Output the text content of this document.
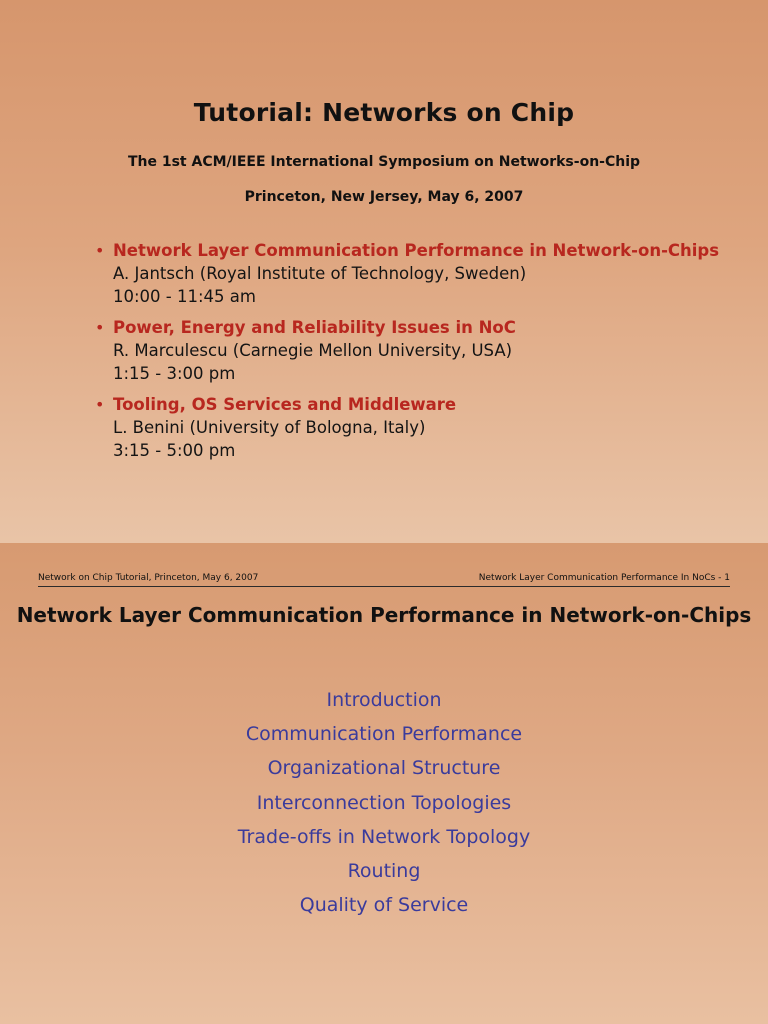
Tutorial: Networks on Chip
The 1st ACM/IEEE International Symposium on Networks-on-Chip
Princeton, New Jersey, May 6, 2007
• Network Layer Communication Performance in Network-on-Chips
A. Jantsch (Royal Institute of Technology, Sweden)
10:00 - 11:45 am
• Power, Energy and Reliability Issues in NoC
R. Marculescu (Carnegie Mellon University, USA)
1:15 - 3:00 pm
• Tooling, OS Services and Middleware
L. Benini (University of Bologna, Italy)
3:15 - 5:00 pm
Network on Chip Tutorial, Princeton, May 6, 2007	Network Layer Communication Performance In NoCs - 1
Network Layer Communication Performance in Network-on-Chips
Introduction
Communication Performance
Organizational Structure
Interconnection Topologies
Trade-offs in Network Topology
Routing
Quality of Service
